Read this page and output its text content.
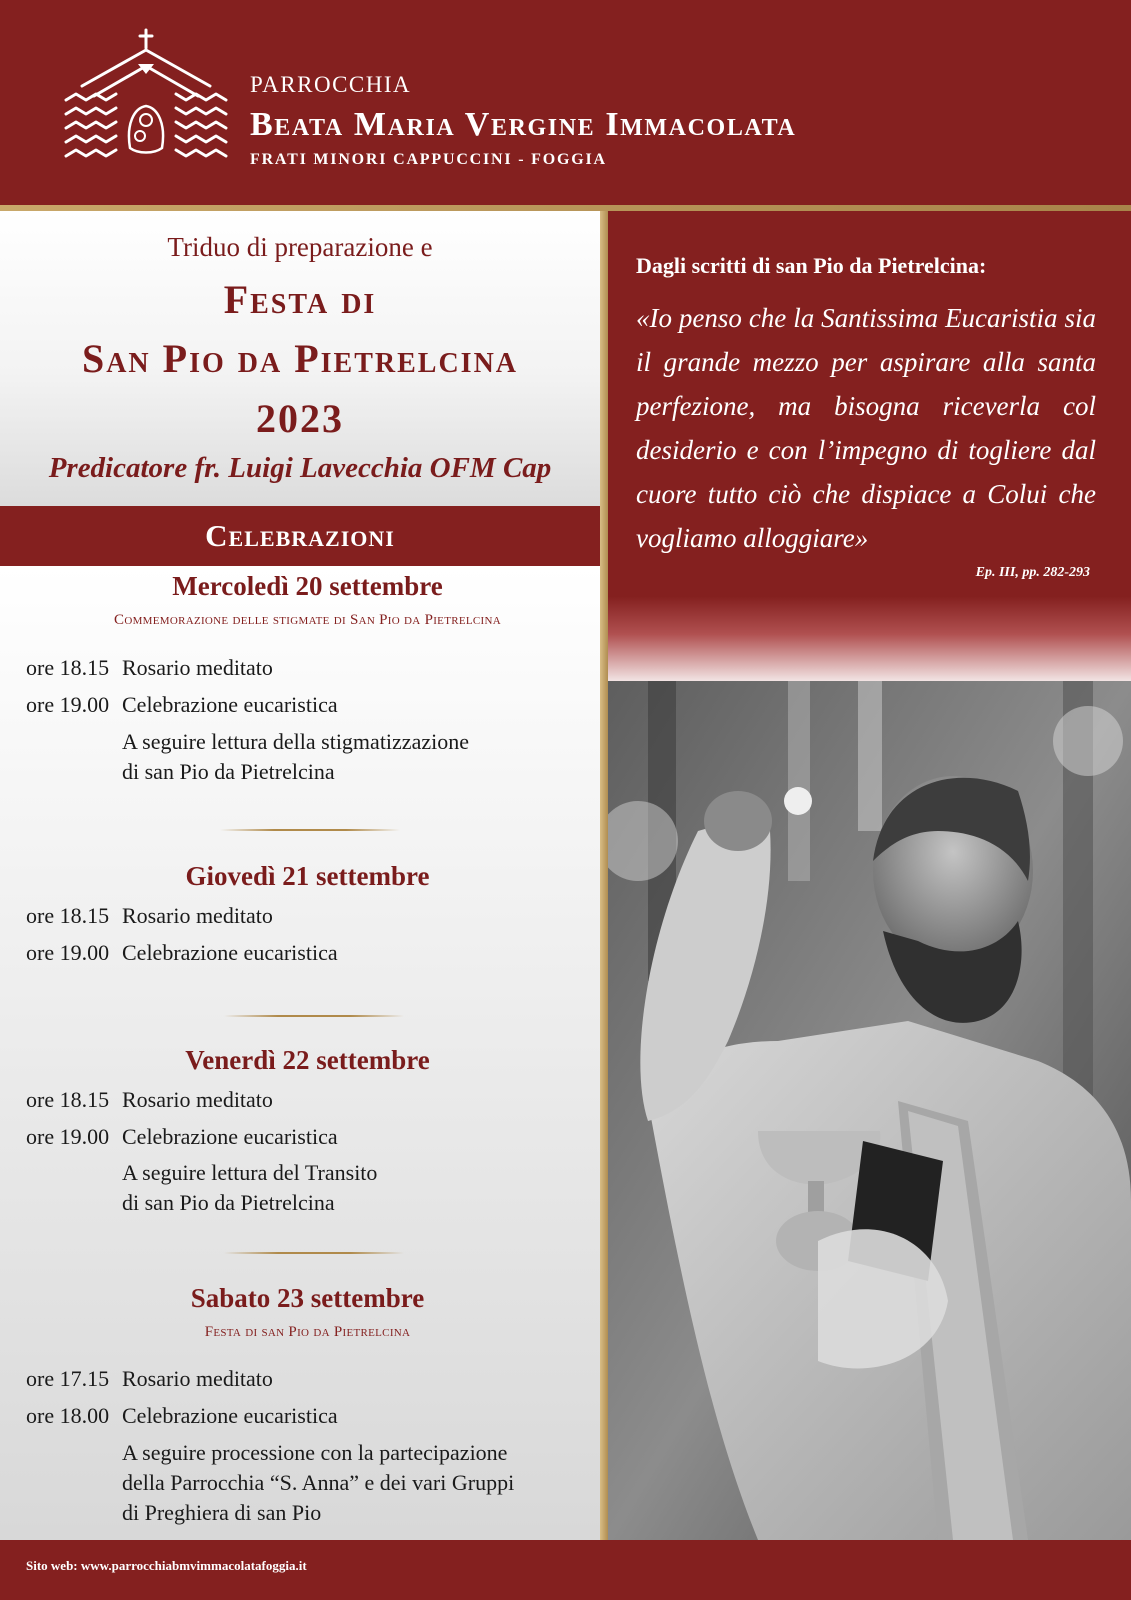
PARROCCHIA
Beata Maria Vergine Immacolata
FRATI MINORI CAPPUCCINI - FOGGIA
Triduo di preparazione e
Festa di
San Pio da Pietrelcina
2023
Predicatore fr. Luigi Lavecchia OFM Cap
Celebrazioni
Mercoledì 20 settembre
Commemorazione delle stigmate di San Pio da Pietrelcina
ore 18.15 Rosario meditato
ore 19.00 Celebrazione eucaristica
A seguire lettura della stigmatizzazione
di san Pio da Pietrelcina
Giovedì 21 settembre
ore 18.15 Rosario meditato
ore 19.00 Celebrazione eucaristica
Venerdì 22 settembre
ore 18.15 Rosario meditato
ore 19.00 Celebrazione eucaristica
A seguire lettura del Transito
di san Pio da Pietrelcina
Sabato 23 settembre
Festa di san Pio da Pietrelcina
ore 17.15 Rosario meditato
ore 18.00 Celebrazione eucaristica
A seguire processione con la partecipazione
della Parrocchia “S. Anna” e dei vari Gruppi
di Preghiera di san Pio
Dagli scritti di san Pio da Pietrelcina:
«Io penso che la Santissima Eucaristia sia il grande mezzo per aspirare alla santa perfezione, ma bisogna riceverla col desiderio e con l’impegno di togliere dal cuore tutto ciò che dispiace a Colui che vogliamo alloggiare»
Ep. III, pp. 282-293
Sito web: www.parrocchiabmvimmacolatafoggia.it
